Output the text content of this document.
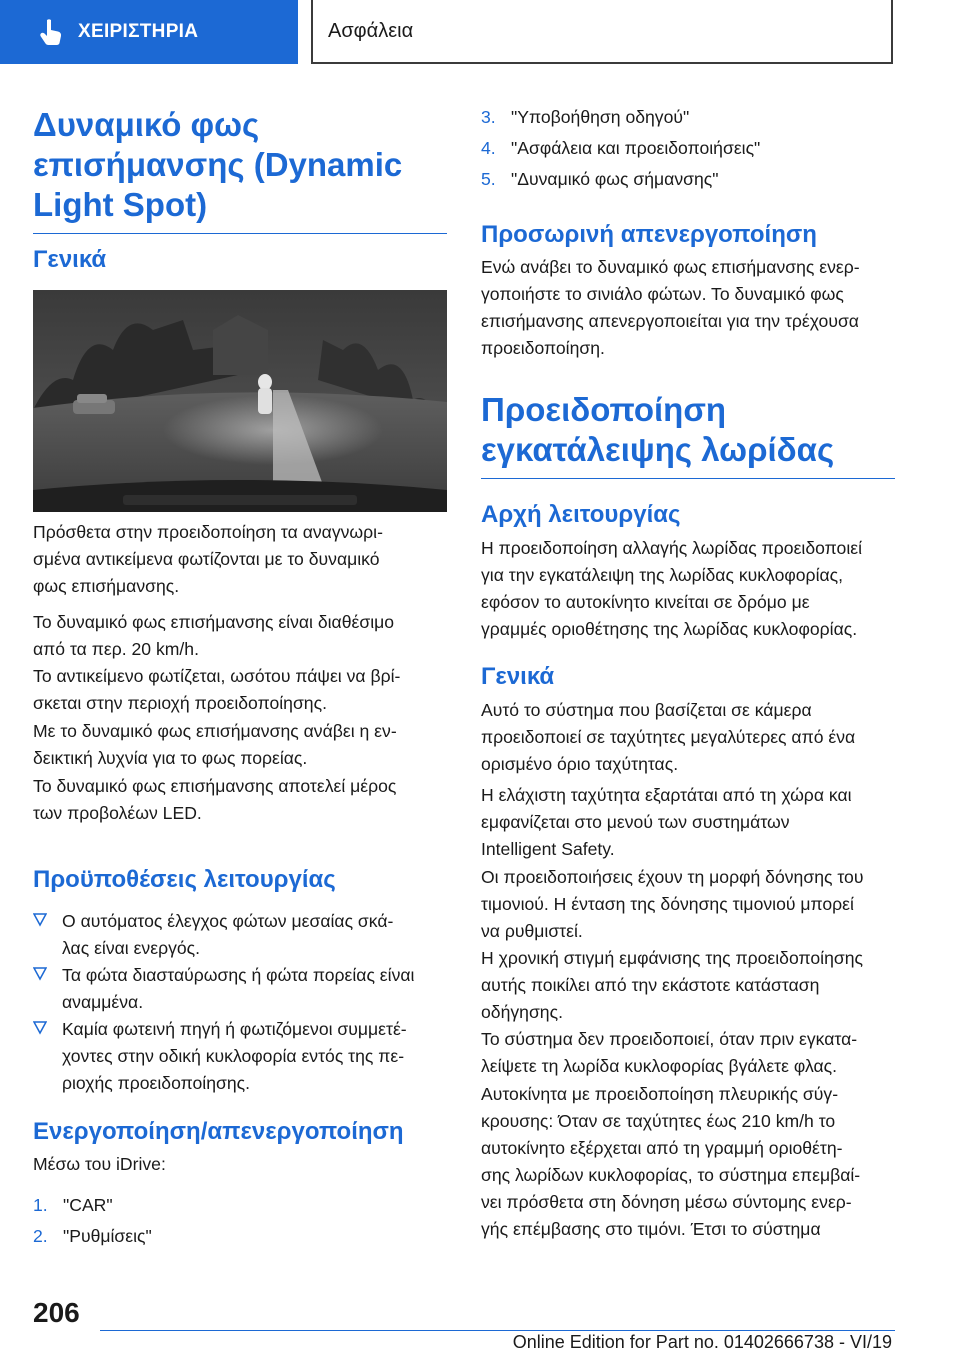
ΧΕΙΡΙΣΤΗΡΙΑ	Ασφάλεια
Δυναμικό φως
επισήμανσης (Dynamic
Light Spot)
Γενικά
Πρόσθετα στην προειδοποίηση τα αναγνωρι-
σμένα αντικείμενα φωτίζονται με το δυναμικό
φως επισήμανσης.
Το δυναμικό φως επισήμανσης είναι διαθέσιμο
από τα περ. 20 km/h.
Το αντικείμενο φωτίζεται, ωσότου πάψει να βρί-
σκεται στην περιοχή προειδοποίησης.
Με το δυναμικό φως επισήμανσης ανάβει η εν-
δεικτική λυχνία για το φως πορείας.
Το δυναμικό φως επισήμανσης αποτελεί μέρος
των προβολέων LED.
Προϋποθέσεις λειτουργίας
Ο αυτόματος έλεγχος φώτων μεσαίας σκά-
λας είναι ενεργός.
Τα φώτα διασταύρωσης ή φώτα πορείας είναι
αναμμένα.
Καμία φωτεινή πηγή ή φωτιζόμενοι συμμετέ-
χοντες στην οδική κυκλοφορία εντός της πε-
ριοχής προειδοποίησης.
Ενεργοποίηση/απενεργοποίηση
Μέσω του iDrive:
1. "CAR"
2. "Ρυθμίσεις"
3. "Υποβοήθηση οδηγού"
4. "Ασφάλεια και προειδοποιήσεις"
5. "Δυναμικό φως σήμανσης"
Προσωρινή απενεργοποίηση
Ενώ ανάβει το δυναμικό φως επισήμανσης ενερ-
γοποιήστε το σινιάλο φώτων. Το δυναμικό φως
επισήμανσης απενεργοποιείται για την τρέχουσα
προειδοποίηση.
Προειδοποίηση
εγκατάλειψης λωρίδας
Αρχή λειτουργίας
Η προειδοποίηση αλλαγής λωρίδας προειδοποιεί
για την εγκατάλειψη της λωρίδας κυκλοφορίας,
εφόσον το αυτοκίνητο κινείται σε δρόμο με
γραμμές οριοθέτησης της λωρίδας κυκλοφορίας.
Γενικά
Αυτό το σύστημα που βασίζεται σε κάμερα
προειδοποιεί σε ταχύτητες μεγαλύτερες από ένα
ορισμένο όριο ταχύτητας.
Η ελάχιστη ταχύτητα εξαρτάται από τη χώρα και
εμφανίζεται στο μενού των συστημάτων
Intelligent Safety.
Οι προειδοποιήσεις έχουν τη μορφή δόνησης του
τιμονιού. Η ένταση της δόνησης τιμονιού μπορεί
να ρυθμιστεί.
Η χρονική στιγμή εμφάνισης της προειδοποίησης
αυτής ποικίλει από την εκάστοτε κατάσταση
οδήγησης.
Το σύστημα δεν προειδοποιεί, όταν πριν εγκατα-
λείψετε τη λωρίδα κυκλοφορίας βγάλετε φλας.
Αυτοκίνητα με προειδοποίηση πλευρικής σύγ-
κρουσης: Όταν σε ταχύτητες έως 210 km/h το
αυτοκίνητο εξέρχεται από τη γραμμή οριοθέτη-
σης λωρίδων κυκλοφορίας, το σύστημα επεμβαί-
νει πρόσθετα στη δόνηση μέσω σύντομης ενερ-
γής επέμβασης στο τιμόνι. Έτσι το σύστημα
206
Online Edition for Part no. 01402666738 - VI/19
